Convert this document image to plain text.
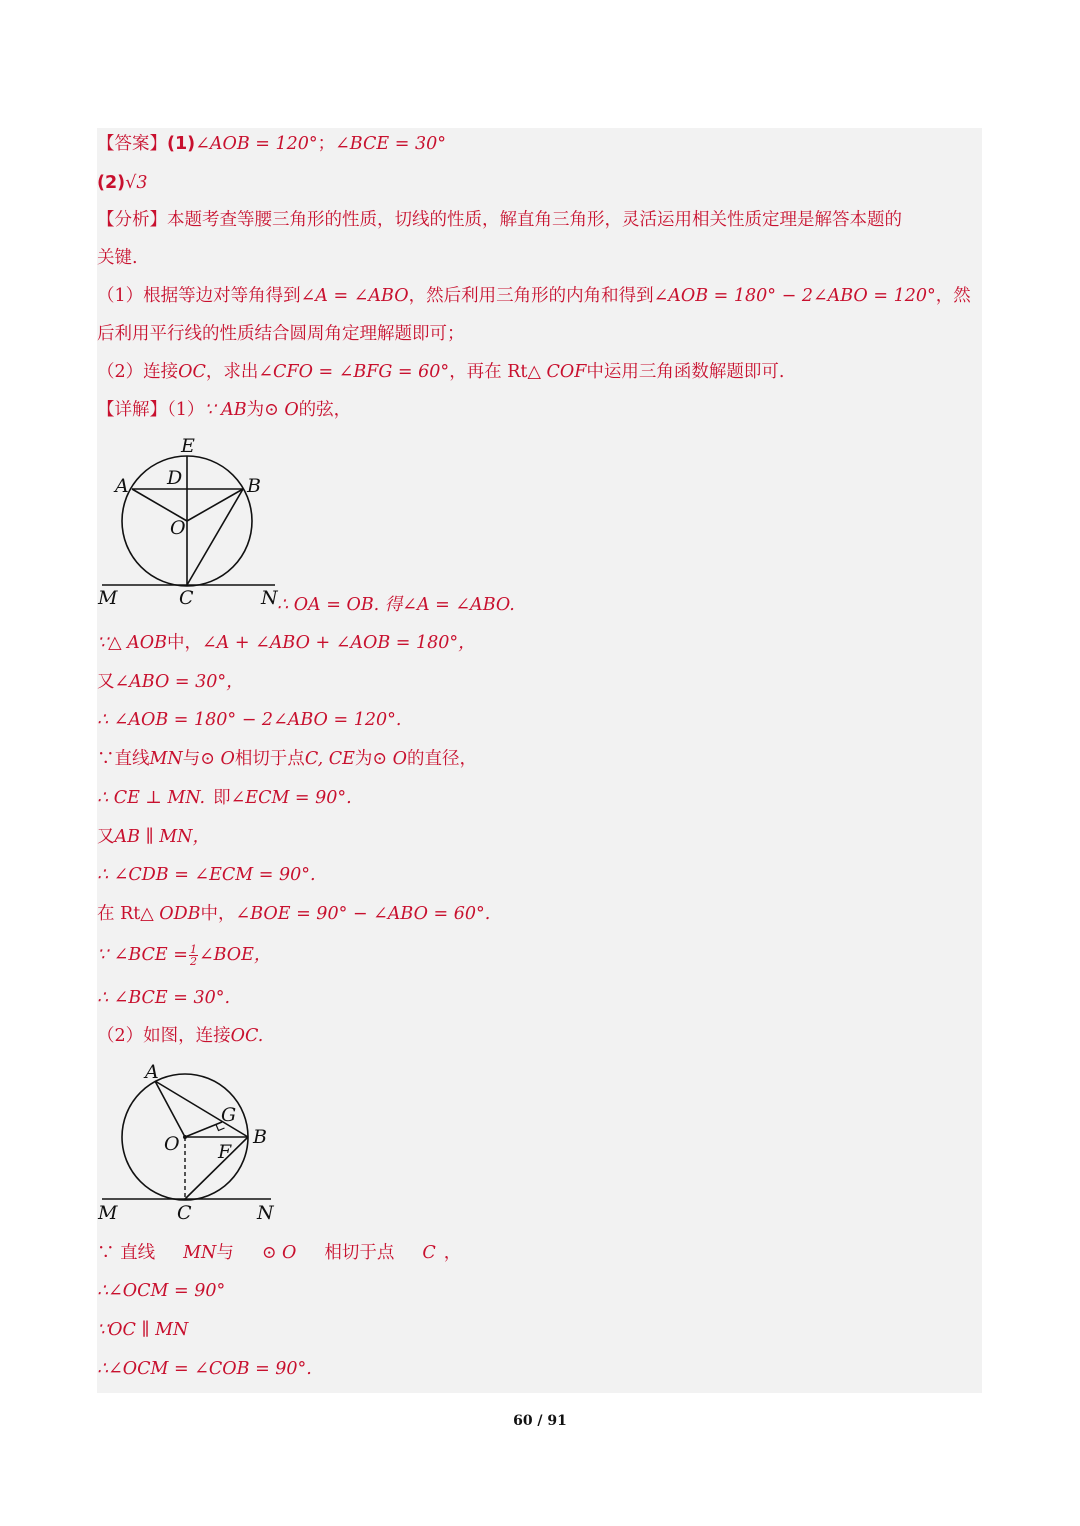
【答案】(1)∠AOB = 120°；∠BCE = 30°
(2)√3
【分析】本题考查等腰三角形的性质，切线的性质，解直角三角形，灵活运用相关性质定理是解答本题的
关键.
（1）根据等边对等角得到∠A = ∠ABO，然后利用三角形的内角和得到∠AOB = 180° − 2∠ABO = 120°，然
后利用平行线的性质结合圆周角定理解题即可；
（2）连接OC，求出∠CFO = ∠BFG = 60°，再在 Rt△ COF中运用三角函数解题即可.
【详解】（1）∵ AB为⊙ O的弦，
E
D
A	B
O
M	C	N ∴ OA = OB. 得∠A = ∠ABO.
∵△ AOB中，∠A + ∠ABO + ∠AOB = 180°，
又∠ABO = 30°，
∴ ∠AOB = 180° − 2∠ABO = 120°.
∵直线MN与⊙ O相切于点C, CE为⊙ O的直径，
∴ CE ⊥ MN. 即∠ECM = 90°.
又AB ∥ MN，
∴ ∠CDB = ∠ECM = 90°.
在 Rt△ ODB中，∠BOE = 90° − ∠ABO = 60°.
∵ ∠BCE = $\frac{1}{2}$ ∠BOE，
∴ ∠BCE = 30°.
（2）如图，连接OC.
A
G
O	B
F
M	C	N
∵ 直线 MN与 ⊙ O 相切于点 C ，
∴∠OCM = 90°
∵OC ∥ MN
∴∠OCM = ∠COB = 90°.
60 / 91
